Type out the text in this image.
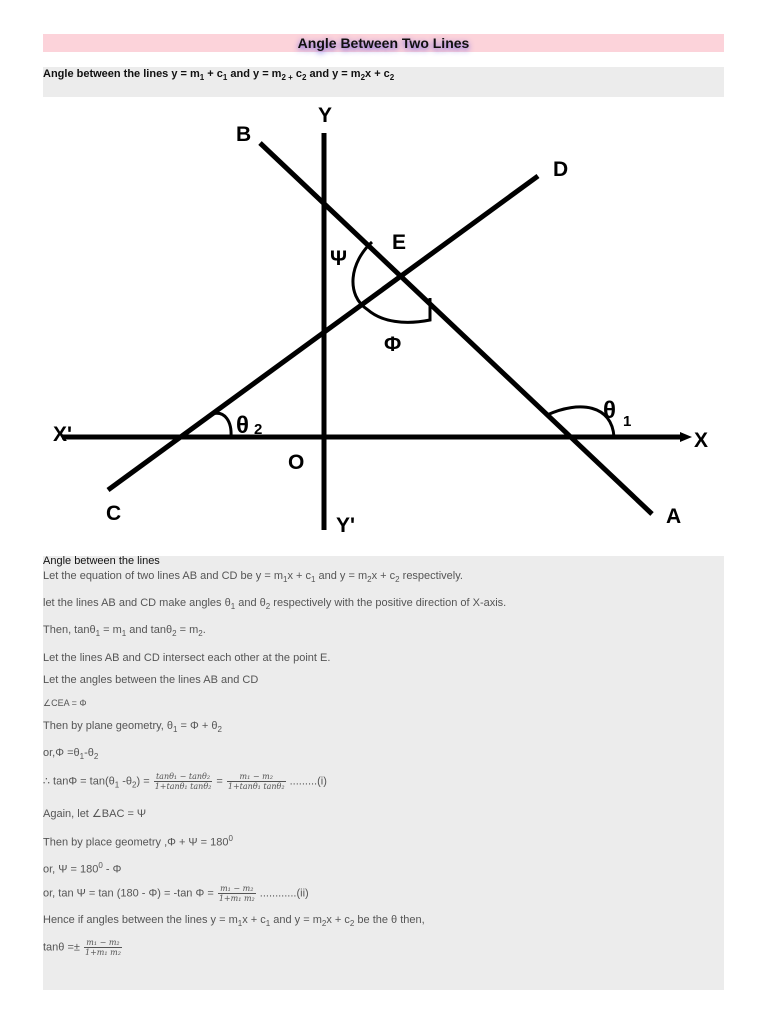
Angle Between Two Lines
Angle between the lines $y = m_1 + c_1$ and $y = m_{2 +}$ $c_2$ and $y = m_2x + c_2$
Y
Y'
X
X'
O
A
B
C
D
E
Ψ
Φ
θ 2
θ 1
Angle between the lines
Let the equation of two lines AB and CD be $y = m_1x + c_1$ and $y = m_2x + c_2$ respectively.
let the lines AB and CD make angles $\theta_1$ and $\theta_2$ respectively with the positive direction of X-axis.
Then, $\tan\theta_1 = m_1$ and $\tan\theta_2 = m_2$.
Let the lines AB and CD intersect each other at the point E.
Let the angles between the lines AB and CD
∠CEA = Φ
Then by plane geometry, $\theta_1 = \Phi + \theta_2$
$or,\Phi =\theta_1-\theta_2$
∴ $\tan\Phi = \tan(\theta_1$ $-\theta_2) = \frac{\text{tanθ₁ − tanθ₂}}{\text{1+tanθ₁ tanθ₂}} = \frac{\text{m₁ − m₂}}{\text{1+tanθ₁ tanθ₂}} .........(i)$
Again, let ∠BAC = Ψ
Then by place geometry $,\Phi + \Psi = 180^0$
or, $\Psi = 180^0 - \Phi$
or, tan Ψ = tan (180 - Φ) = -tan $\Phi = \frac{\text{m₁ − m₂}}{\text{1+m₁ m₂}} ............(ii)$
Hence if angles between the lines $y = m_1x + c_1$ and $y = m_2x + c_2$ be the θ then,
$\tan\theta =\pm \frac{\text{m₁ − m₂}}{\text{1+m₁ m₂}}$
